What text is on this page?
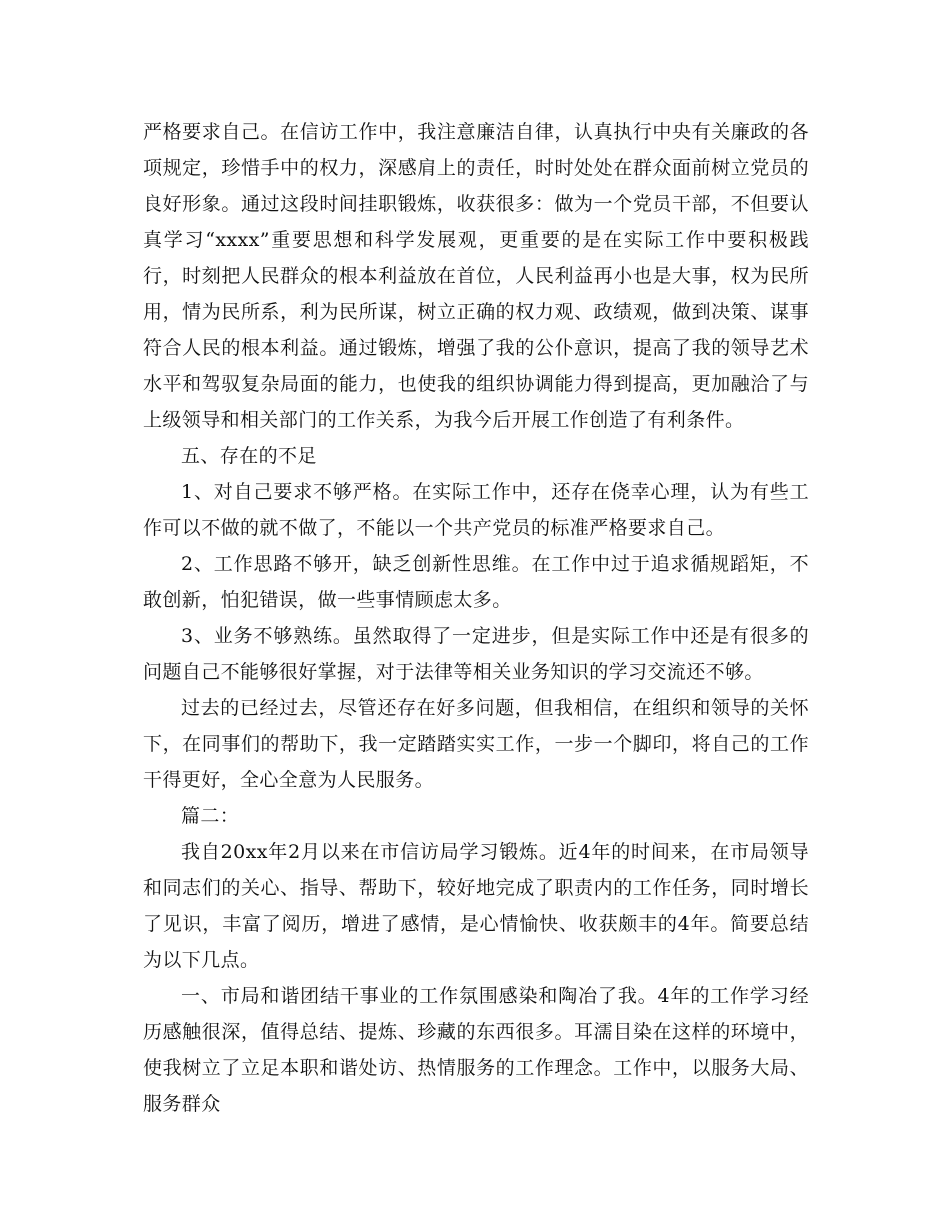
严格要求自己。在信访工作中，我注意廉洁自律，认真执行中央有关廉政的各项规定，珍惜手中的权力，深感肩上的责任，时时处处在群众面前树立党员的良好形象。通过这段时间挂职锻炼，收获很多：做为一个党员干部，不但要认真学习“xxxx”重要思想和科学发展观，更重要的是在实际工作中要积极践行，时刻把人民群众的根本利益放在首位，人民利益再小也是大事，权为民所用，情为民所系，利为民所谋，树立正确的权力观、政绩观，做到决策、谋事符合人民的根本利益。通过锻炼，增强了我的公仆意识，提高了我的领导艺术水平和驾驭复杂局面的能力，也使我的组织协调能力得到提高，更加融洽了与上级领导和相关部门的工作关系，为我今后开展工作创造了有利条件。

五、存在的不足

1、对自己要求不够严格。在实际工作中，还存在侥幸心理，认为有些工作可以不做的就不做了，不能以一个共产党员的标准严格要求自己。

2、工作思路不够开，缺乏创新性思维。在工作中过于追求循规蹈矩，不敢创新，怕犯错误，做一些事情顾虑太多。

3、业务不够熟练。虽然取得了一定进步，但是实际工作中还是有很多的问题自己不能够很好掌握，对于法律等相关业务知识的学习交流还不够。

过去的已经过去，尽管还存在好多问题，但我相信，在组织和领导的关怀下，在同事们的帮助下，我一定踏踏实实工作，一步一个脚印，将自己的工作干得更好，全心全意为人民服务。

篇二：

我自20xx年2月以来在市信访局学习锻炼。近4年的时间来，在市局领导和同志们的关心、指导、帮助下，较好地完成了职责内的工作任务，同时增长了见识，丰富了阅历，增进了感情，是心情愉快、收获颇丰的4年。简要总结为以下几点。

一、市局和谐团结干事业的工作氛围感染和陶冶了我。4年的工作学习经历感触很深，值得总结、提炼、珍藏的东西很多。耳濡目染在这样的环境中，使我树立了立足本职和谐处访、热情服务的工作理念。工作中，以服务大局、服务群众
